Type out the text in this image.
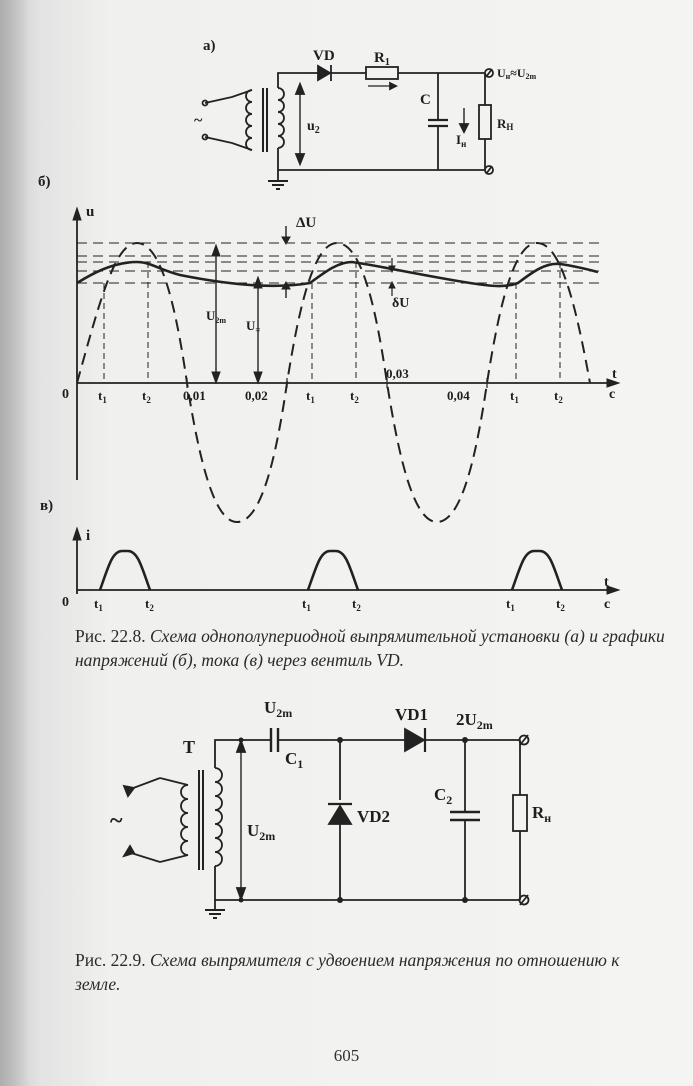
а)
VD	$R_1$
C
$u_2$
$I_н$
RН
Uн≈U2m
~
б)
u
ΔU
δU
$U_{2m}$ $U_=$
0 $t_1$	$t_2$ 0,01	0,02	$t_1$	$t_2$
0,03
0,04	$t_1$	$t_2$
t
c
в)
i
0 $t_1$	$t_2$	$t_1$	$t_2$	$t_1$	$t_2$
t
c
T
$U_{2m}$
$C_1$
VD1 $2U_{2m}$
VD2
$C_2$
$R_н$
$U_{2m}$
~
Рис. 22.8. Схема однополупериодной выпрямительной установки (а) и графики напряжений (б), тока (в) через вентиль VD.
Рис. 22.9. Схема выпрямителя с удвоением напряжения по отношению к земле.
605
